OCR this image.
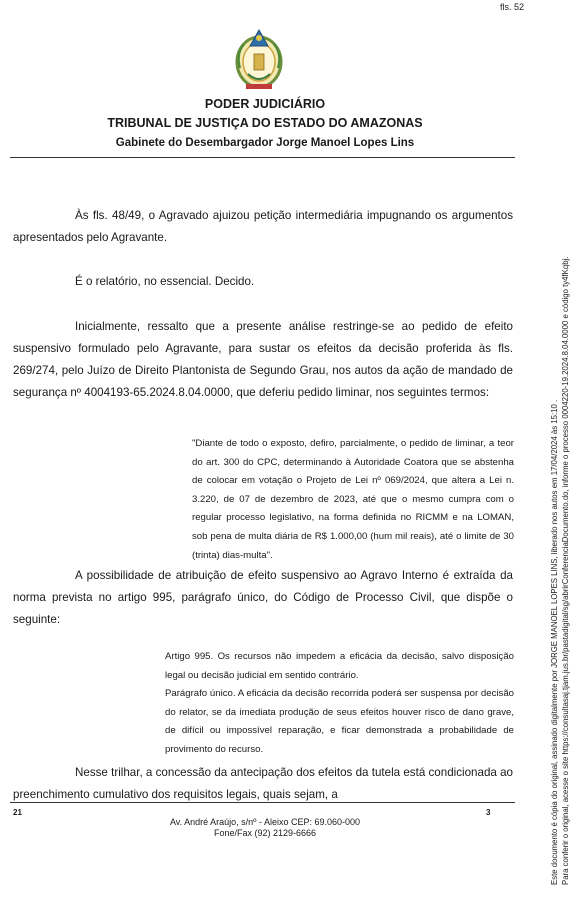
fls. 52
PODER JUDICIÁRIO
TRIBUNAL DE JUSTIÇA DO ESTADO DO AMAZONAS
Gabinete do Desembargador Jorge Manoel Lopes Lins

Às fls. 48/49, o Agravado ajuizou petição intermediária impugnando os argumentos apresentados pelo Agravante.

É o relatório, no essencial. Decido.

Inicialmente, ressalto que a presente análise restringe-se ao pedido de efeito suspensivo formulado pelo Agravante, para sustar os efeitos da decisão proferida às fls. 269/274, pelo Juízo de Direito Plantonista de Segundo Grau, nos autos da ação de mandado de segurança nº 4004193-65.2024.8.04.0000, que deferiu pedido liminar, nos seguintes termos:

"Diante de todo o exposto, defiro, parcialmente, o pedido de liminar, a teor do art. 300 do CPC, determinando à Autoridade Coatora que se abstenha de colocar em votação o Projeto de Lei nº 069/2024, que altera a Lei n. 3.220, de 07 de dezembro de 2023, até que o mesmo cumpra com o regular processo legislativo, na forma definida no RICMM e na LOMAN, sob pena de multa diária de R$ 1.000,00 (hum mil reais), até o limite de 30 (trinta) dias-multa".

A possibilidade de atribuição de efeito suspensivo ao Agravo Interno é extraída da norma prevista no artigo 995, parágrafo único, do Código de Processo Civil, que dispõe o seguinte:

Artigo 995. Os recursos não impedem a eficácia da decisão, salvo disposição legal ou decisão judicial em sentido contrário.
Parágrafo único. A eficácia da decisão recorrida poderá ser suspensa por decisão do relator, se da imediata produção de seus efeitos houver risco de dano grave, de difícil ou impossível reparação, e ficar demonstrada a probabilidade de provimento do recurso.

Nesse trilhar, a concessão da antecipação dos efeitos da tutela está condicionada ao preenchimento cumulativo dos requisitos legais, quais sejam, a

21	3
Av. André Araújo, s/nº - Aleixo CEP: 69.060-000
Fone/Fax (92) 2129-6666	Este documento é cópia do original, assinado digitalmente por JORGE MANOEL LOPES LINS, liberado nos autos em 17/04/2024 às 15:10 . Para conferir o original, acesse o site https://consultasaj.tjam.jus.br/pastadigital/sg/abrirConferenciaDocumento.do, informe o processo 0004220-19.2024.8.04.0000 e código ty4fKqbj.
